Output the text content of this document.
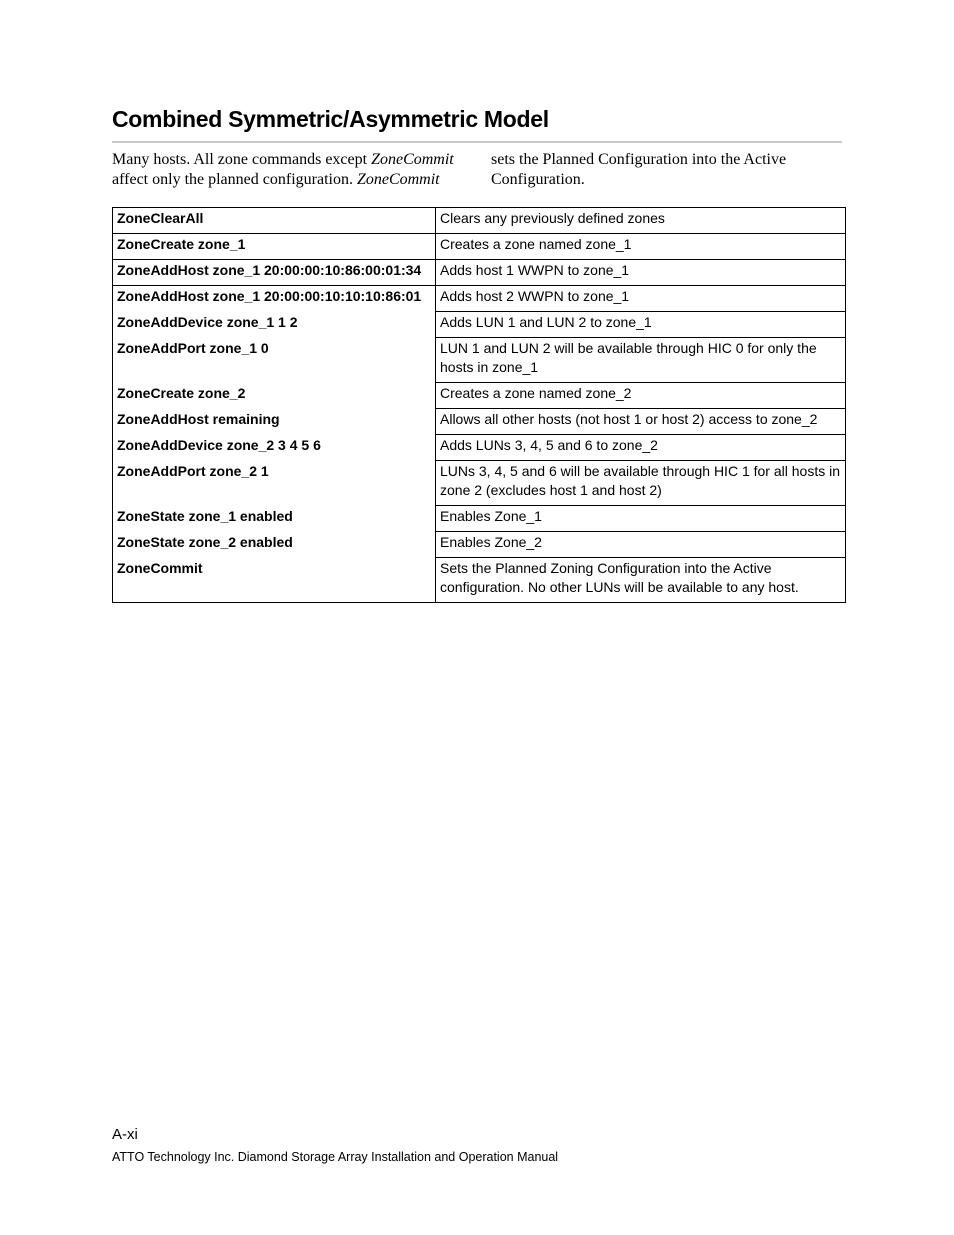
Combined Symmetric/Asymmetric Model
Many hosts. All zone commands except ZoneCommit affect only the planned configuration. ZoneCommit
sets the Planned Configuration into the Active Configuration.
ZoneClearAll	Clears any previously defined zones
ZoneCreate zone_1	Creates a zone named zone_1
ZoneAddHost zone_1 20:00:00:10:86:00:01:34	Adds host 1 WWPN to zone_1
ZoneAddHost zone_1 20:00:00:10:10:10:86:01	Adds host 2 WWPN to zone_1
ZoneAddDevice zone_1 1 2	Adds LUN 1 and LUN 2 to zone_1
ZoneAddPort zone_1 0	LUN 1 and LUN 2 will be available through HIC 0 for only the hosts in zone_1
ZoneCreate zone_2	Creates a zone named zone_2
ZoneAddHost remaining	Allows all other hosts (not host 1 or host 2) access to zone_2
ZoneAddDevice zone_2 3 4 5 6	Adds LUNs 3, 4, 5 and 6 to zone_2
ZoneAddPort zone_2 1	LUNs 3, 4, 5 and 6 will be available through HIC 1 for all hosts in zone 2 (excludes host 1 and host 2)
ZoneState zone_1 enabled	Enables Zone_1
ZoneState zone_2 enabled	Enables Zone_2
ZoneCommit	Sets the Planned Zoning Configuration into the Active configuration. No other LUNs will be available to any host.
A-xi
ATTO Technology Inc. Diamond Storage Array Installation and Operation Manual
